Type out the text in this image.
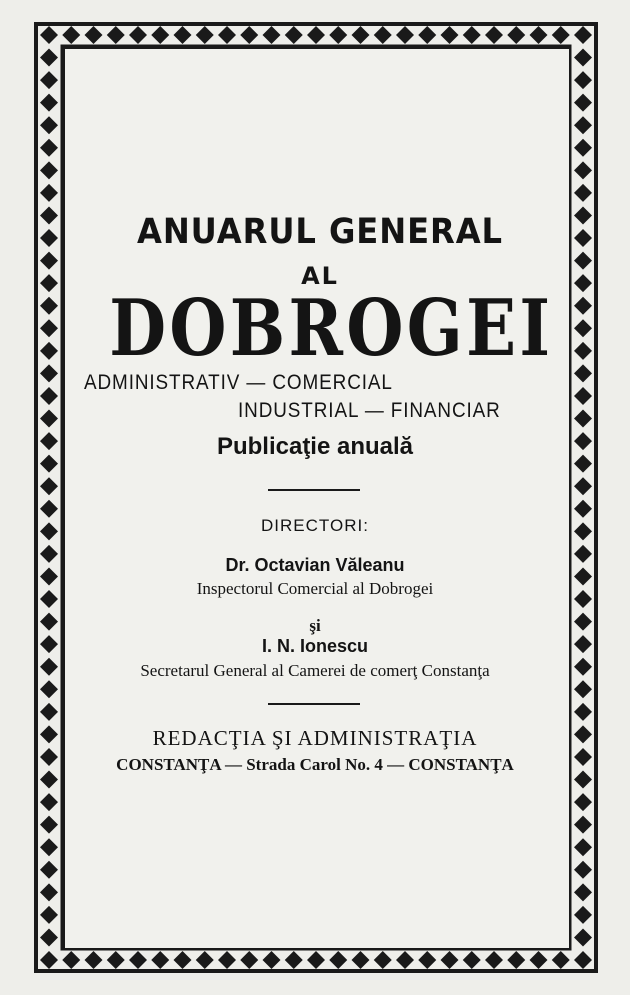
ANUARUL GENERAL
AL
DOBROGEI
ADMINISTRATIV — COMERCIAL
INDUSTRIAL — FINANCIAR
Publicaţie anuală
DIRECTORI:
Dr. Octavian Văleanu
Inspectorul Comercial al Dobrogei
şi
I. N. Ionescu
Secretarul General al Camerei de comerţ Constanţa
REDACŢIA ŞI ADMINISTRAŢIA
CONSTANŢA — Strada Carol No. 4 — CONSTANŢA
